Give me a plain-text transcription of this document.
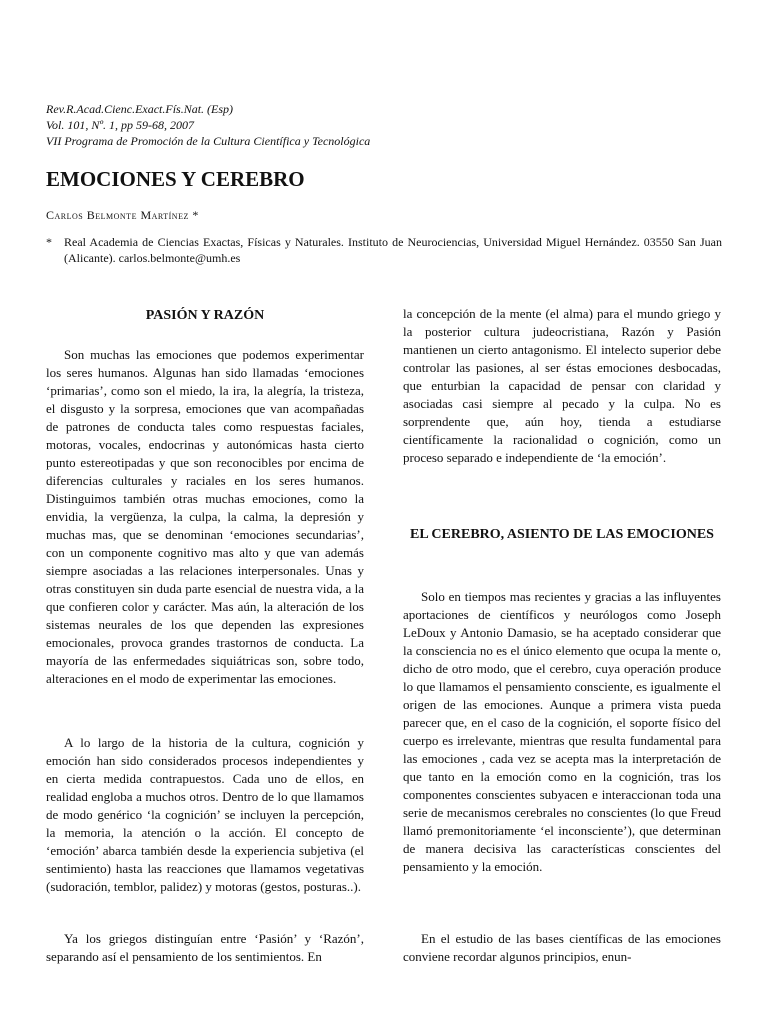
Rev.R.Acad.Cienc.Exact.Fís.Nat. (Esp)
Vol. 101, Nº. 1, pp 59-68, 2007
VII Programa de Promoción de la Cultura Científica y Tecnológica
EMOCIONES Y CEREBRO
Carlos Belmonte Martínez *
*	Real Academia de Ciencias Exactas, Físicas y Naturales. Instituto de Neurociencias, Universidad Miguel Hernández. 03550 San Juan (Alicante). carlos.belmonte@umh.es
PASIÓN Y RAZÓN

Son muchas las emociones que podemos experimentar los seres humanos. Algunas han sido llamadas ‘emociones ‘primarias’, como son el miedo, la ira, la alegría, la tristeza, el disgusto y la sorpresa, emociones que van acompañadas de patrones de conducta tales como respuestas faciales, motoras, vocales, endocrinas y autonómicas hasta cierto punto estereotipadas y que son reconocibles por encima de diferencias culturales y raciales en los seres humanos. Distinguimos también otras muchas emociones, como la envidia, la vergüenza, la culpa, la calma, la depresión y muchas mas, que se denominan ‘emociones secundarias’, con un componente cognitivo mas alto y que van además siempre asociadas a las relaciones interpersonales. Unas y otras constituyen sin duda parte esencial de nuestra vida, a la que confieren color y carácter. Mas aún, la alteración de los sistemas neurales de los que dependen las expresiones emocionales, provoca grandes trastornos de conducta. La mayoría de las enfermedades siquiátricas son, sobre todo, alteraciones en el modo de experimentar las emociones.

A lo largo de la historia de la cultura, cognición y emoción han sido considerados procesos independientes y en cierta medida contrapuestos. Cada uno de ellos, en realidad engloba a muchos otros. Dentro de lo que llamamos de modo genérico ‘la cognición’ se incluyen la percepción, la memoria, la atención o la acción. El concepto de ‘emoción’ abarca también desde la experiencia subjetiva (el sentimiento) hasta las reacciones que llamamos vegetativas (sudoración, temblor, palidez) y motoras (gestos, posturas..).

Ya los griegos distinguían entre ‘Pasión’ y ‘Razón’, separando así el pensamiento de los sentimientos. En

la concepción de la mente (el alma) para el mundo griego y la posterior cultura judeocristiana, Razón y Pasión mantienen un cierto antagonismo. El intelecto superior debe controlar las pasiones, al ser éstas emociones desbocadas, que enturbian la capacidad de pensar con claridad y asociadas casi siempre al pecado y la culpa. No es sorprendente que, aún hoy, tienda a estudiarse científicamente la racionalidad o cognición, como un proceso separado e independiente de ‘la emoción’.

EL CEREBRO, ASIENTO DE LAS EMOCIONES

Solo en tiempos mas recientes y gracias a las influyentes aportaciones de científicos y neurólogos como Joseph LeDoux y Antonio Damasio, se ha aceptado considerar que la consciencia no es el único elemento que ocupa la mente o, dicho de otro modo, que el cerebro, cuya operación produce lo que llamamos el pensamiento consciente, es igualmente el origen de las emociones. Aunque a primera vista pueda parecer que, en el caso de la cognición, el soporte físico del cuerpo es irrelevante, mientras que resulta fundamental para las emociones , cada vez se acepta mas la interpretación de que tanto en la emoción como en la cognición, tras los componentes conscientes subyacen e interaccionan toda una serie de mecanismos cerebrales no conscientes (lo que Freud llamó premonitoriamente ‘el inconsciente’), que determinan de manera decisiva las características conscientes del pensamiento y la emoción.

En el estudio de las bases científicas de las emociones conviene recordar algunos principios, enun-
